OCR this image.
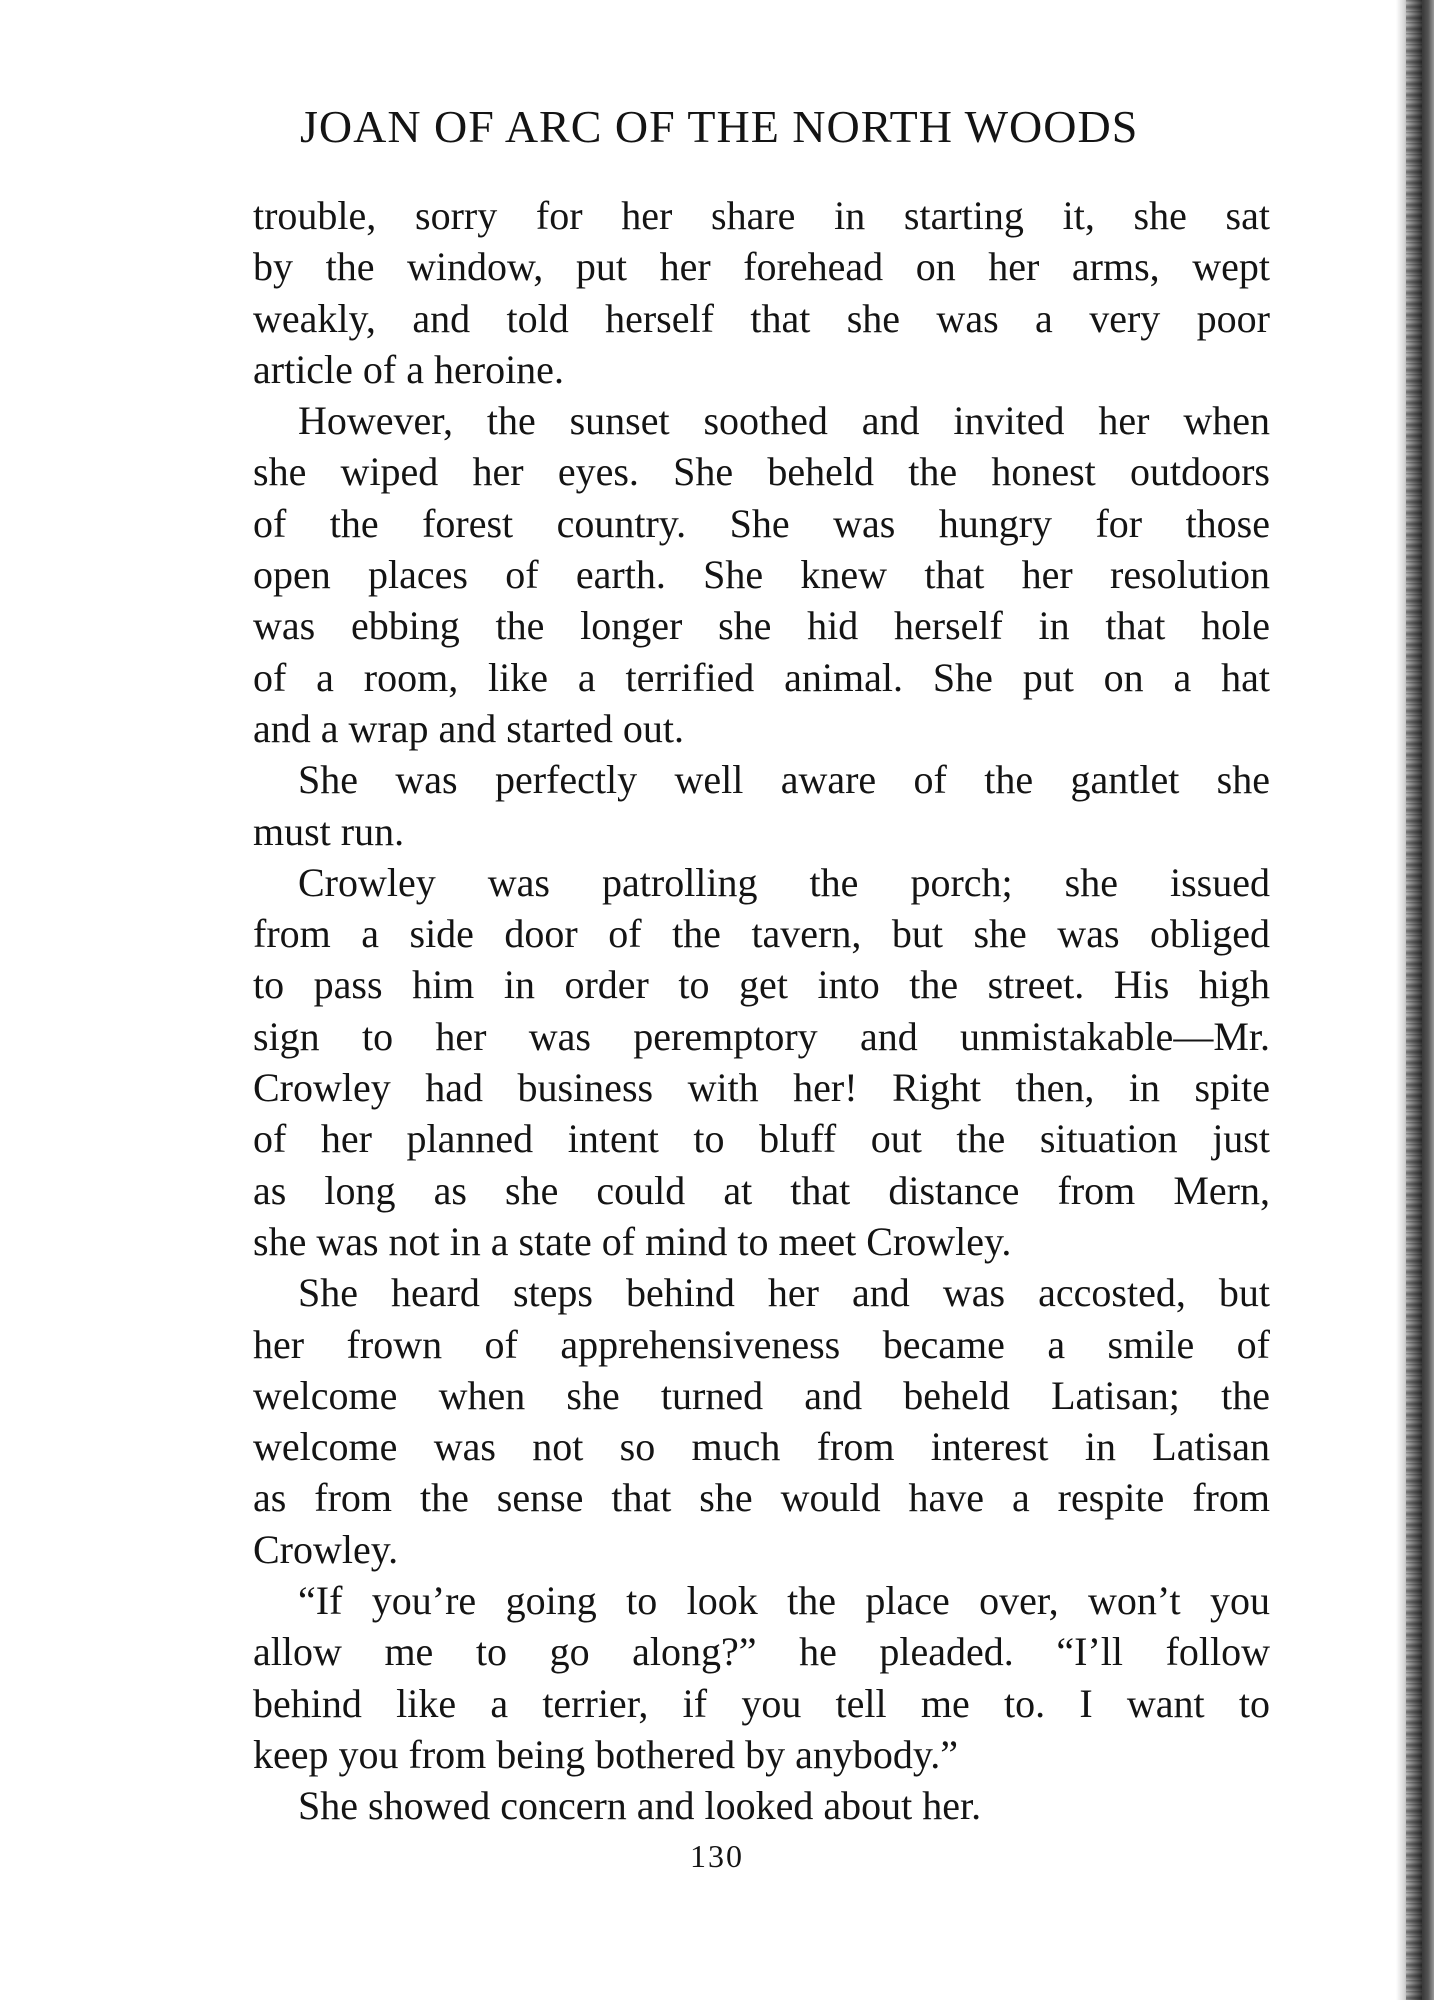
JOAN OF ARC OF THE NORTH WOODS
trouble, sorry for her share in starting it, she sat
by the window, put her forehead on her arms, wept
weakly, and told herself that she was a very poor
article of a heroine.
However, the sunset soothed and invited her when
she wiped her eyes. She beheld the honest outdoors
of the forest country. She was hungry for those
open places of earth. She knew that her resolution
was ebbing the longer she hid herself in that hole
of a room, like a terrified animal. She put on a hat
and a wrap and started out.
She was perfectly well aware of the gantlet she
must run.
Crowley was patrolling the porch; she issued
from a side door of the tavern, but she was obliged
to pass him in order to get into the street. His high
sign to her was peremptory and unmistakable—Mr.
Crowley had business with her! Right then, in spite
of her planned intent to bluff out the situation just
as long as she could at that distance from Mern,
she was not in a state of mind to meet Crowley.
She heard steps behind her and was accosted, but
her frown of apprehensiveness became a smile of
welcome when she turned and beheld Latisan; the
welcome was not so much from interest in Latisan
as from the sense that she would have a respite from
Crowley.
“If you’re going to look the place over, won’t you
allow me to go along?” he pleaded. “I’ll follow
behind like a terrier, if you tell me to. I want to
keep you from being bothered by anybody.”
She showed concern and looked about her.
130
